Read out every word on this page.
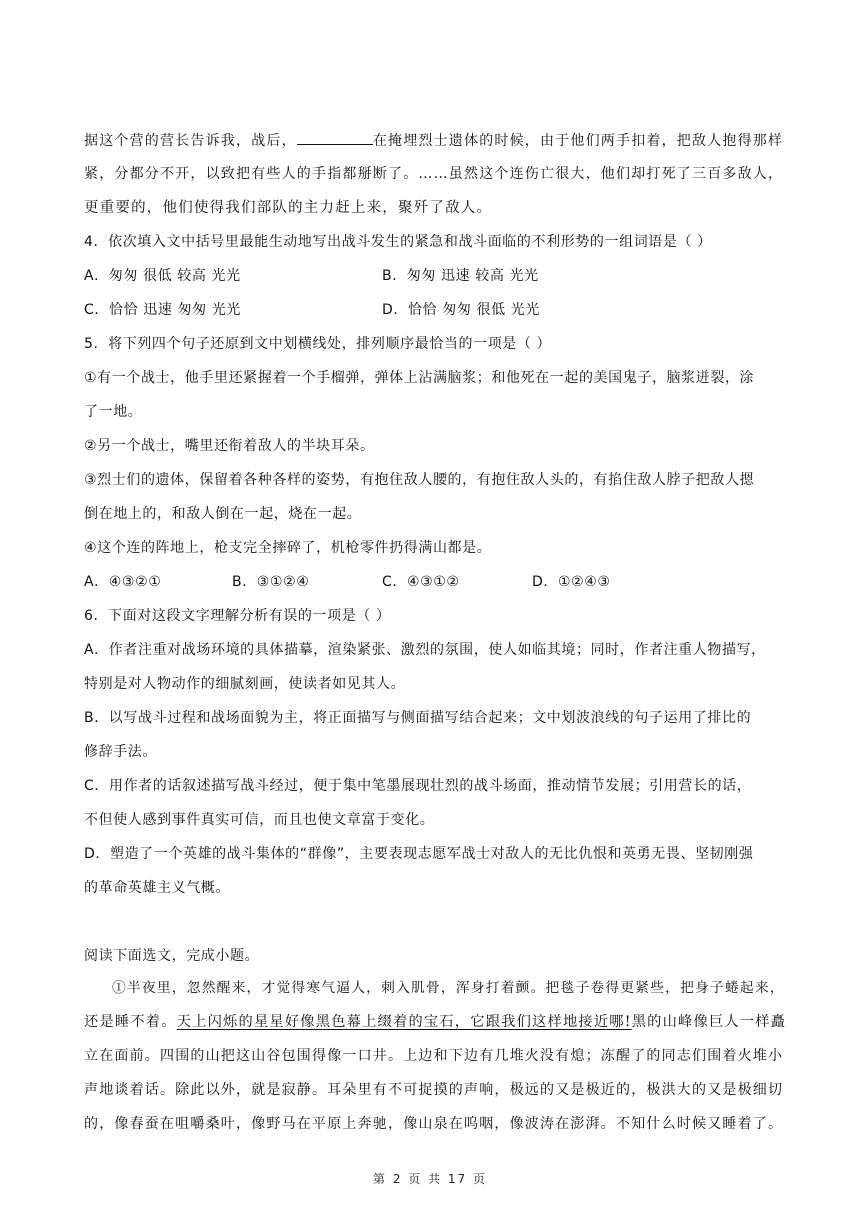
据这个营的营长告诉我，战后，	在掩埋烈士遗体的时候，由于他们两手扣着，把敌人抱得那样
紧，分都分不开，以致把有些人的手指都掰断了。……虽然这个连伤亡很大，他们却打死了三百多敌人，
更重要的，他们使得我们部队的主力赶上来，聚歼了敌人。
4．依次填入文中括号里最能生动地写出战斗发生的紧急和战斗面临的不利形势的一组词语是（ ）
A．匆匆 很低 较高 光光	B．匆匆 迅速 较高 光光
C．恰恰 迅速 匆匆 光光	D．恰恰 匆匆 很低 光光
5．将下列四个句子还原到文中划横线处，排列顺序最恰当的一项是（ ）
①有一个战士，他手里还紧握着一个手榴弹，弹体上沾满脑浆；和他死在一起的美国鬼子，脑浆迸裂，涂
了一地。
②另一个战士，嘴里还衔着敌人的半块耳朵。
③烈士们的遗体，保留着各种各样的姿势，有抱住敌人腰的，有抱住敌人头的，有掐住敌人脖子把敌人摁
倒在地上的，和敌人倒在一起，烧在一起。
④这个连的阵地上，枪支完全摔碎了，机枪零件扔得满山都是。
A．④③②①	B．③①②④	C．④③①②	D．①②④③
6．下面对这段文字理解分析有误的一项是（ ）
A．作者注重对战场环境的具体描摹，渲染紧张、激烈的氛围，使人如临其境；同时，作者注重人物描写，
特别是对人物动作的细腻刻画，使读者如见其人。
B．以写战斗过程和战场面貌为主，将正面描写与侧面描写结合起来；文中划波浪线的句子运用了排比的
修辞手法。
C．用作者的话叙述描写战斗经过，便于集中笔墨展现壮烈的战斗场面，推动情节发展；引用营长的话，
不但使人感到事件真实可信，而且也使文章富于变化。
D．塑造了一个英雄的战斗集体的“群像”，主要表现志愿军战士对敌人的无比仇恨和英勇无畏、坚韧刚强
的革命英雄主义气概。
阅读下面选文，完成小题。
①半夜里，忽然醒来，才觉得寒气逼人，刺入肌骨，浑身打着颤。把毯子卷得更紧些，把身子蜷起来，
还是睡不着。天上闪烁的星星好像黑色幕上缀着的宝石，它跟我们这样地接近哪!黑的山峰像巨人一样矗
立在面前。四围的山把这山谷包围得像一口井。上边和下边有几堆火没有熄；冻醒了的同志们围着火堆小
声地谈着话。除此以外，就是寂静。耳朵里有不可捉摸的声响，极远的又是极近的，极洪大的又是极细切
的，像春蚕在咀嚼桑叶，像野马在平原上奔驰，像山泉在呜咽，像波涛在澎湃。不知什么时候又睡着了。
第 2 页 共 17 页
